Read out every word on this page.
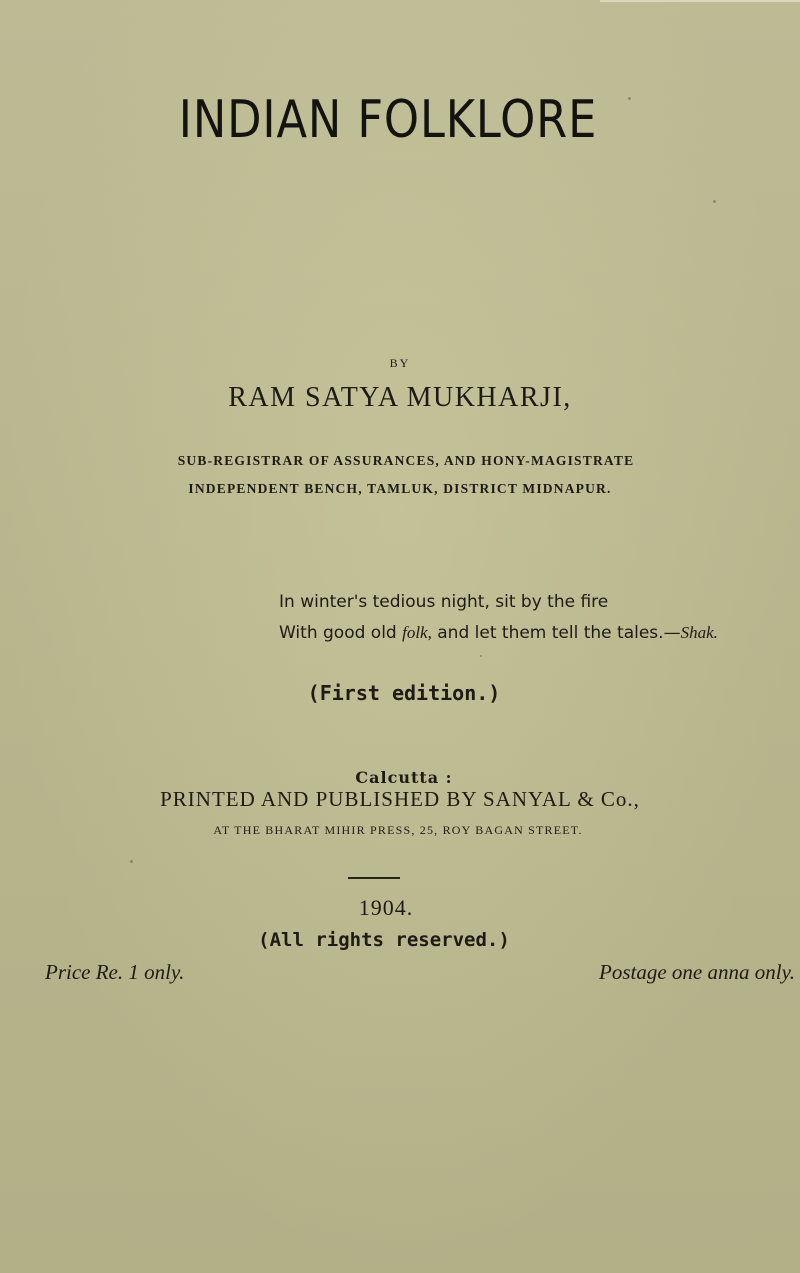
INDIAN FOLKLORE
BY
RAM SATYA MUKHARJI,
SUB-REGISTRAR OF ASSURANCES, AND HONY-MAGISTRATE
INDEPENDENT BENCH, TAMLUK, DISTRICT MIDNAPUR.
In winter's tedious night, sit by the fire
With good old folk, and let them tell the tales.—Shak.
(First edition.)
Calcutta :
PRINTED AND PUBLISHED BY SANYAL & Co.,
AT THE BHARAT MIHIR PRESS, 25, ROY BAGAN STREET.
1904.
(All rights reserved.)
Price Re. 1 only.	Postage one anna only.
